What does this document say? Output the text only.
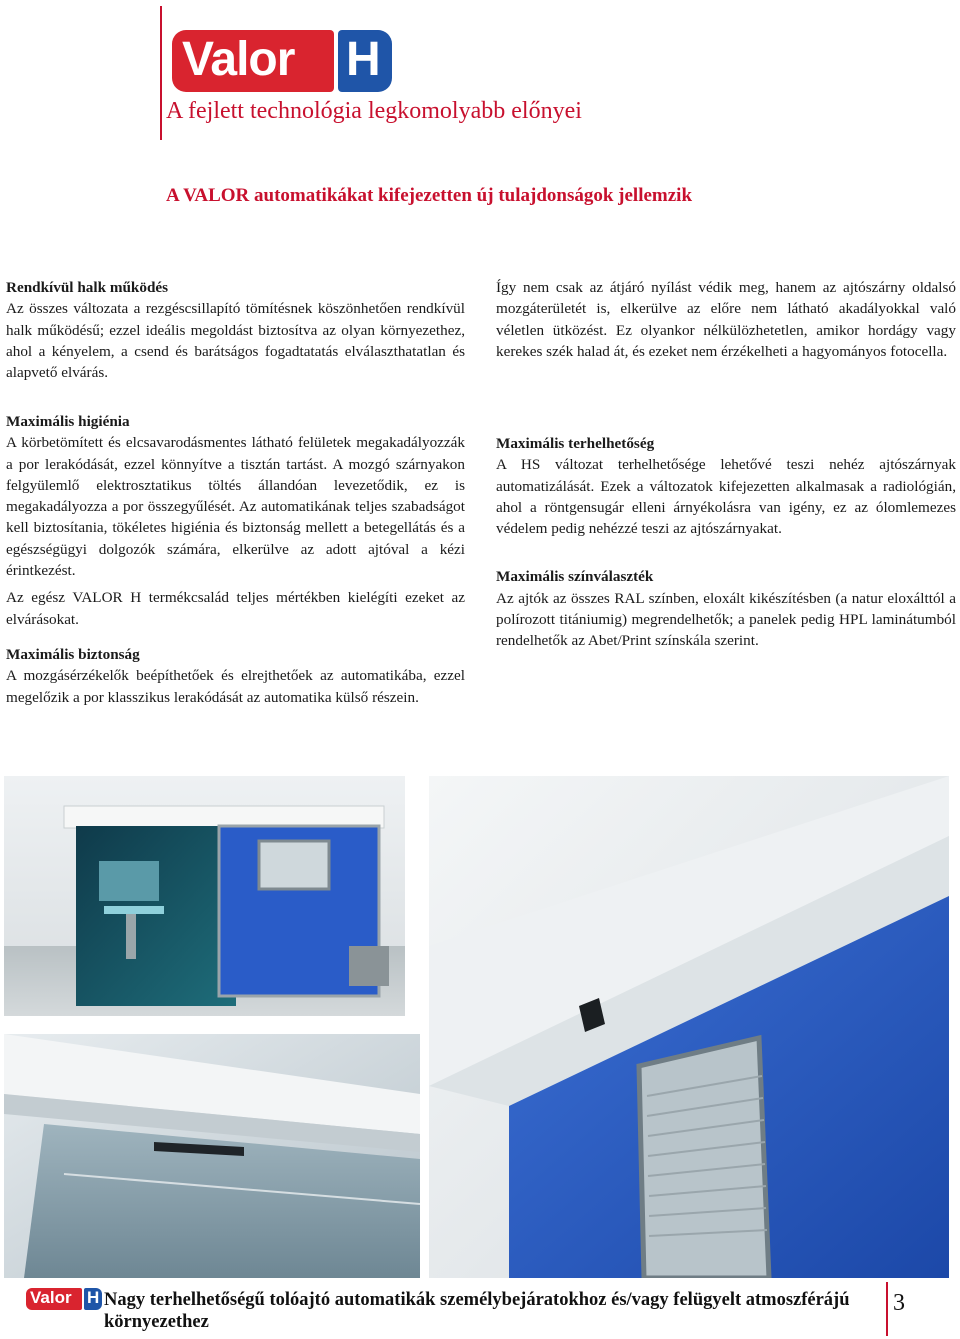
Valor H
A fejlett technológia legkomolyabb előnyei
A VALOR automatikákat kifejezetten új tulajdonságok jellemzik
Rendkívül halk működés

Az összes változata a rezgéscsillapító tömítésnek köszönhetően rendkívül halk működésű; ezzel ideális megoldást biztosítva az olyan környezethez, ahol a kényelem, a csend és barátságos fogadtatatás elválaszthatatlan és alapvető elvárás.

Maximális higiénia

A körbetömített és elcsavarodásmentes látható felületek megakadályozzák a por lerakódását, ezzel könnyítve a tisztán tartást. A mozgó szárnyakon felgyülemlő elektrosztatikus töltés állandóan levezetődik, ez is megakadályozza a por összegyűlését. Az automatikának teljes szabadságot kell biztosítania, tökéletes higiénia és biztonság mellett a betegellátás és a egészségügyi dolgozók számára, elkerülve az adott ajtóval a kézi érintkezést.

Az egész VALOR H termékcsalád teljes mértékben kielégíti ezeket az elvárásokat.

Maximális biztonság

A mozgásérzékelők beépíthetőek és elrejthetőek az automatikába, ezzel megelőzik a por klasszikus lerakódását az automatika külső részein.

Így nem csak az átjáró nyílást védik meg, hanem az ajtószárny oldalsó mozgáterületét is, elkerülve az előre nem látható akadályokkal való véletlen ütközést. Ez olyankor nélkülözhetetlen, amikor hordágy vagy kerekes szék halad át, és ezeket nem érzékelheti a hagyományos fotocella.

Maximális terhelhetőség

A HS változat terhelhetősége lehetővé teszi nehéz ajtószárnyak automatizálását. Ezek a változatok kifejezetten alkalmasak a radiológián, ahol a röntgensugár elleni árnyékolásra van igény, ez az ólomlemezes védelem pedig nehézzé teszi az ajtószárnyakat.

Maximális színválaszték

Az ajtók az összes RAL színben, eloxált kikészítésben (a natur eloxálttól a polírozott titániumig) megrendelhetők; a panelek pedig HPL laminátumból rendelhetők az Abet/Print színskála szerint.

Valor H Nagy terhelhetőségű tolóajtó automatikák személybejáratokhoz és/vagy felügyelt atmoszférájú környezethez
3
